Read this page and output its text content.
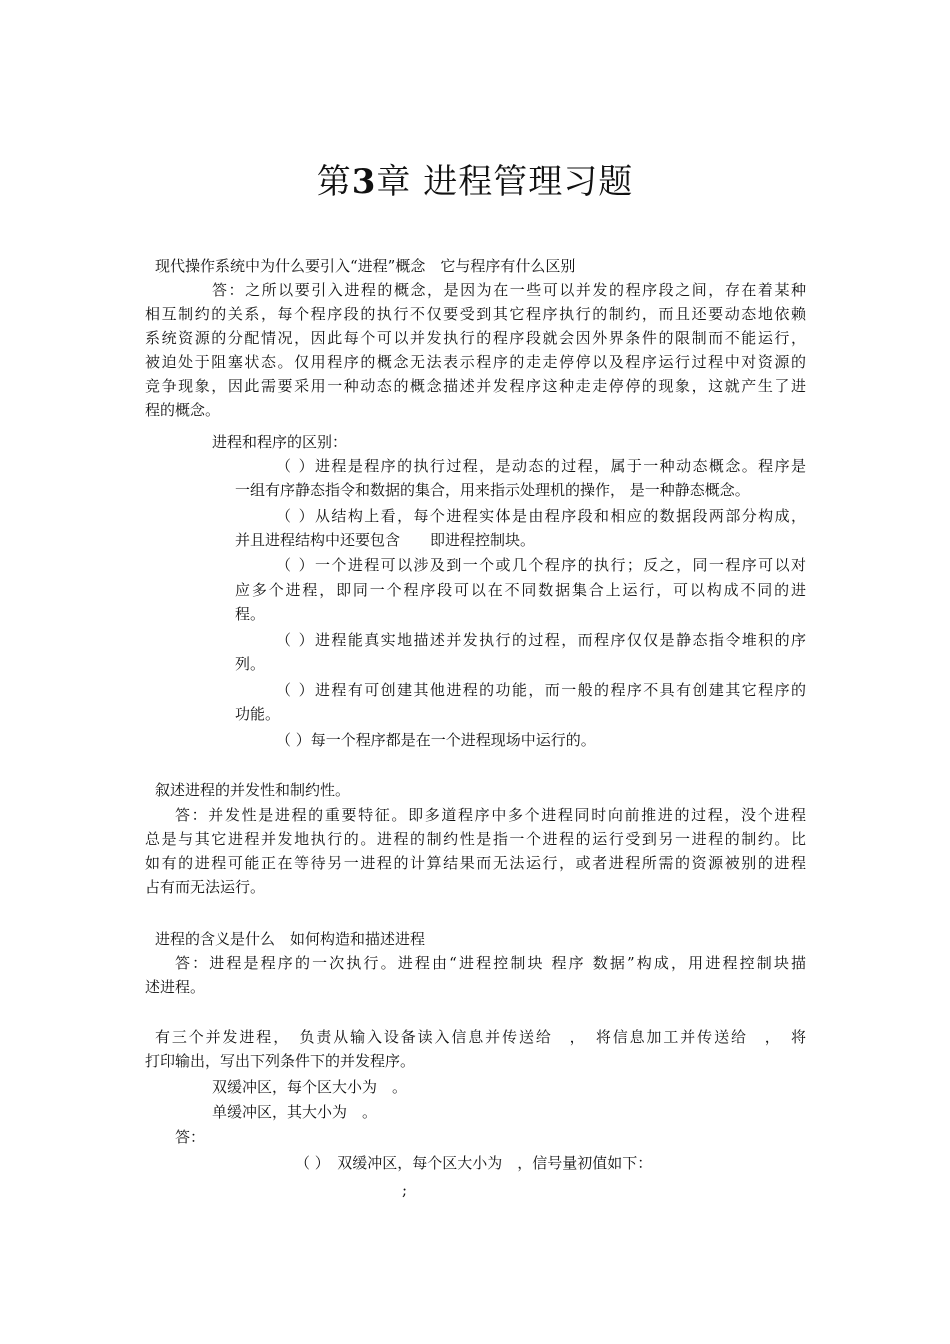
第3章 进程管理习题
现代操作系统中为什么要引入“进程”概念　它与程序有什么区别
答：之所以要引入进程的概念，是因为在一些可以并发的程序段之间，存在着某种
相互制约的关系，每个程序段的执行不仅要受到其它程序执行的制约，而且还要动态地依赖
系统资源的分配情况，因此每个可以并发执行的程序段就会因外界条件的限制而不能运行，
被迫处于阻塞状态。仅用程序的概念无法表示程序的走走停停以及程序运行过程中对资源的
竞争现象，因此需要采用一种动态的概念描述并发程序这种走走停停的现象，这就产生了进
程的概念。
进程和程序的区别：
（ ）进程是程序的执行过程，是动态的过程，属于一种动态概念。程序是
一组有序静态指令和数据的集合，用来指示处理机的操作， 是一种静态概念。
（ ）从结构上看，每个进程实体是由程序段和相应的数据段两部分构成，
并且进程结构中还要包含　　即进程控制块。
（ ）一个进程可以涉及到一个或几个程序的执行；反之，同一程序可以对
应多个进程，即同一个程序段可以在不同数据集合上运行，可以构成不同的进
程。
（ ）进程能真实地描述并发执行的过程，而程序仅仅是静态指令堆积的序
列。
（ ）进程有可创建其他进程的功能，而一般的程序不具有创建其它程序的
功能。
（ ）每一个程序都是在一个进程现场中运行的。
叙述进程的并发性和制约性。
答：并发性是进程的重要特征。即多道程序中多个进程同时向前推进的过程，没个进程
总是与其它进程并发地执行的。进程的制约性是指一个进程的运行受到另一进程的制约。比
如有的进程可能正在等待另一进程的计算结果而无法运行，或者进程所需的资源被别的进程
占有而无法运行。
进程的含义是什么　如何构造和描述进程
答：进程是程序的一次执行。进程由“进程控制块 程序 数据”构成，用进程控制块描
述进程。
有三个并发进程，　负责从输入设备读入信息并传送给　，　将信息加工并传送给　，　将
打印输出，写出下列条件下的并发程序。
双缓冲区，每个区大小为　。
单缓冲区，其大小为　。
答：
（ ）　双缓冲区，每个区大小为　，信号量初值如下：
;
